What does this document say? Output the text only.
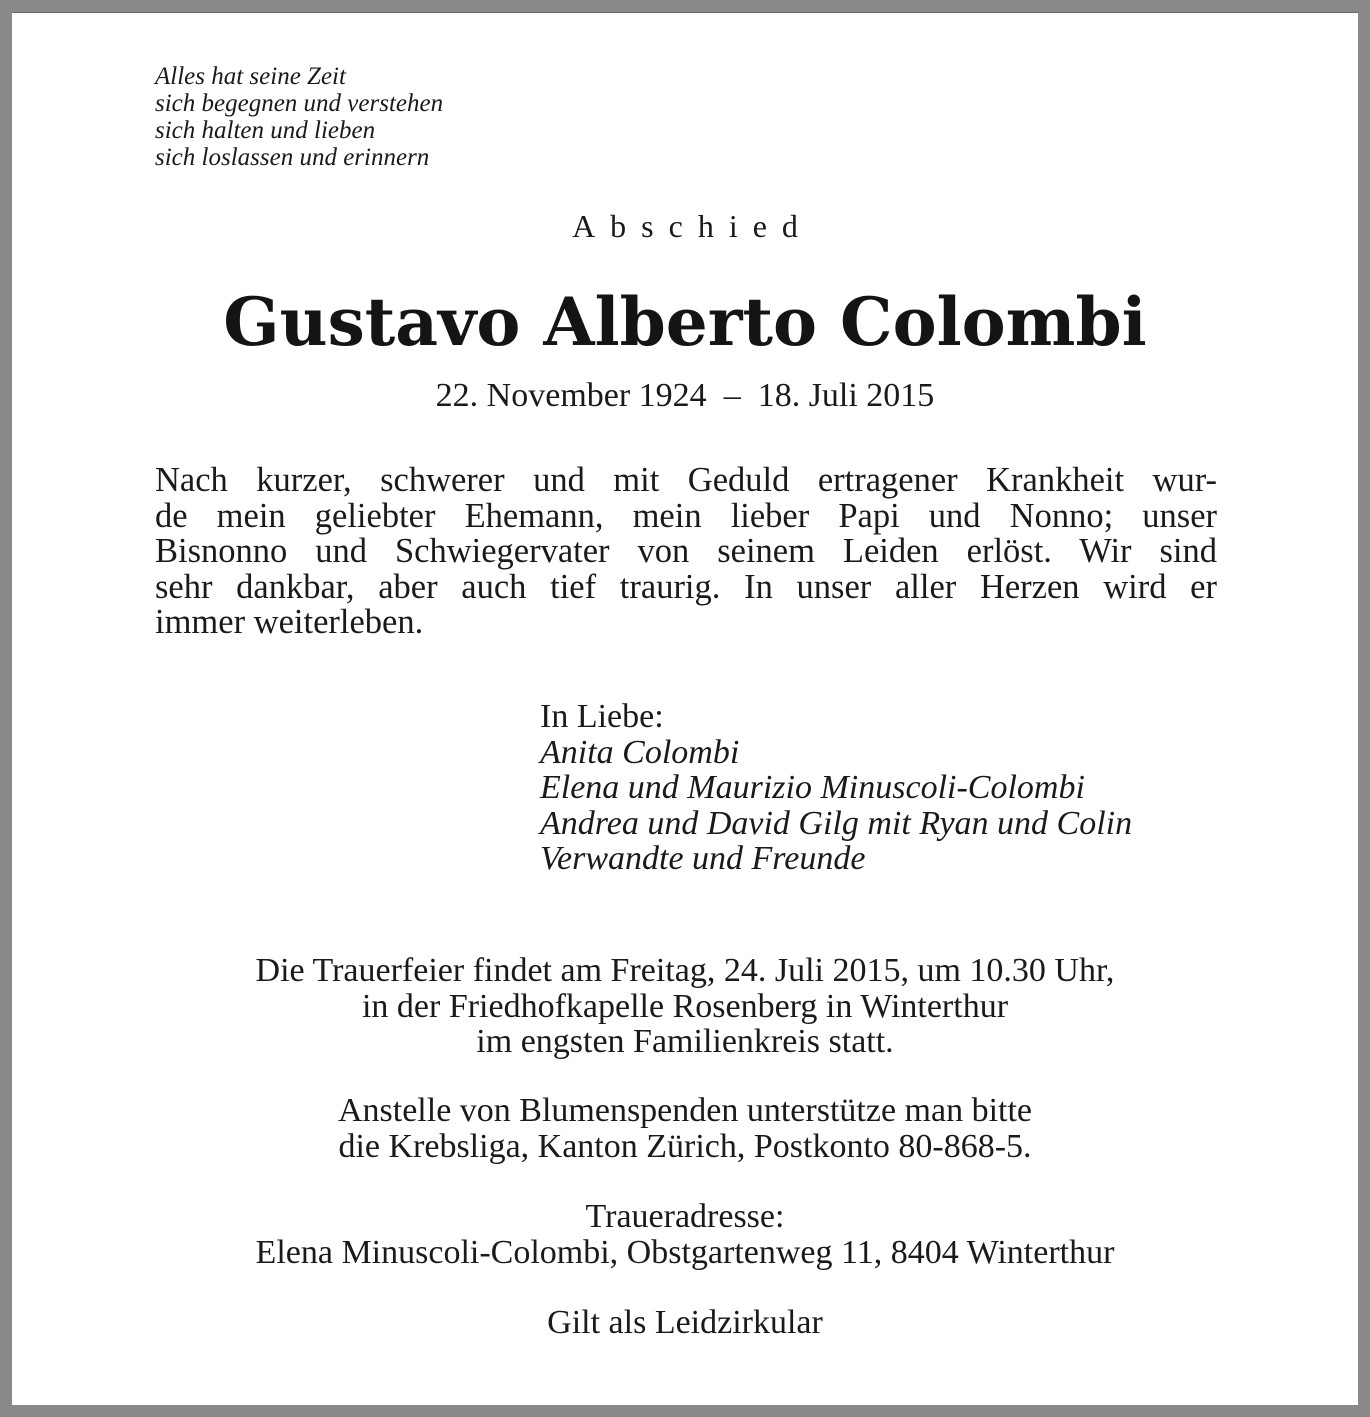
Alles hat seine Zeit
sich begegnen und verstehen
sich halten und lieben
sich loslassen und erinnern
Abschied
Gustavo Alberto Colombi
22. November 1924 – 18. Juli 2015
Nach kurzer, schwerer und mit Geduld ertragener Krankheit wur-
de mein geliebter Ehemann, mein lieber Papi und Nonno; unser
Bisnonno und Schwiegervater von seinem Leiden erlöst. Wir sind
sehr dankbar, aber auch tief traurig. In unser aller Herzen wird er
immer weiterleben.
In Liebe:
Anita Colombi
Elena und Maurizio Minuscoli-Colombi
Andrea und David Gilg mit Ryan und Colin
Verwandte und Freunde
Die Trauerfeier findet am Freitag, 24. Juli 2015, um 10.30 Uhr,
in der Friedhofkapelle Rosenberg in Winterthur
im engsten Familienkreis statt.
Anstelle von Blumenspenden unterstütze man bitte
die Krebsliga, Kanton Zürich, Postkonto 80-868-5.
Traueradresse:
Elena Minuscoli-Colombi, Obstgartenweg 11, 8404 Winterthur
Gilt als Leidzirkular
